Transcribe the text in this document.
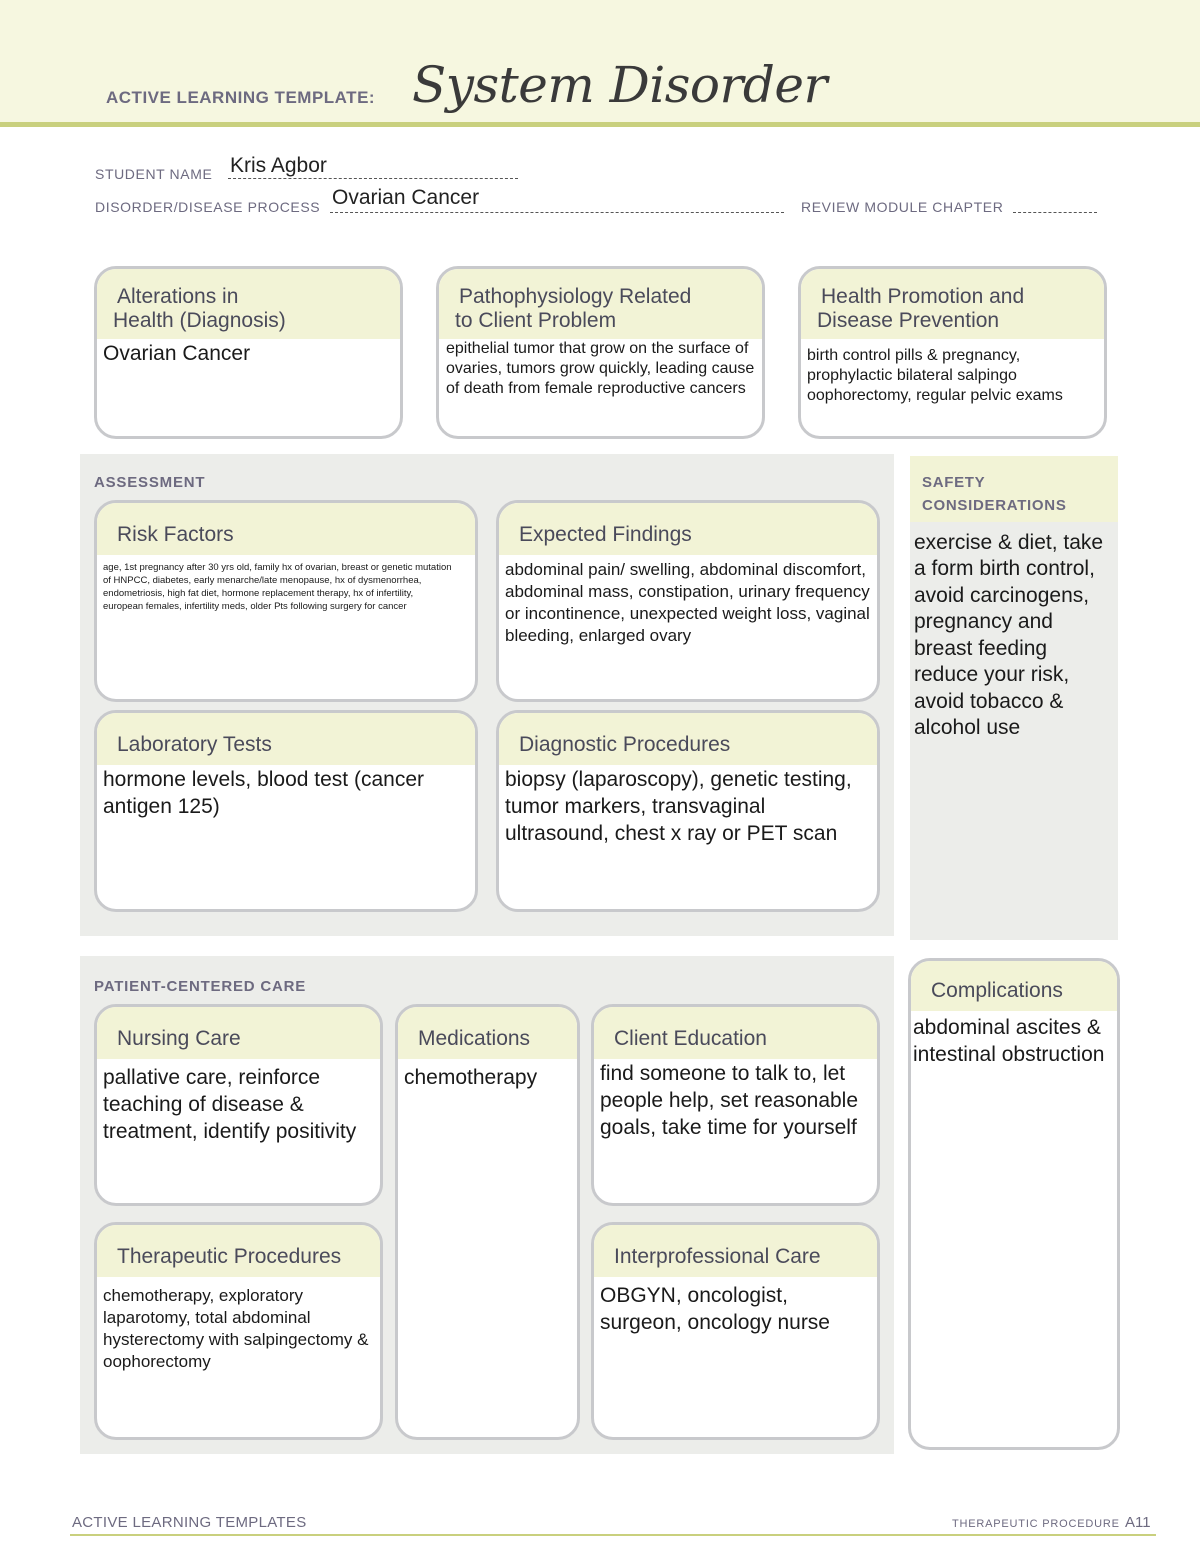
ACTIVE LEARNING TEMPLATE: System Disorder
STUDENT NAME Kris Agbor
DISORDER/DISEASE PROCESS Ovarian Cancer	REVIEW MODULE CHAPTER
Alterations in
Health (Diagnosis)
Ovarian Cancer
Pathophysiology Related
to Client Problem
epithelial tumor that grow on the surface of ovaries, tumors grow quickly, leading cause of death from female reproductive cancers
Health Promotion and
Disease Prevention
birth control pills & pregnancy, prophylactic bilateral salpingo oophorectomy, regular pelvic exams
ASSESSMENT
Risk Factors
age, 1st pregnancy after 30 yrs old, family hx of ovarian, breast or genetic mutation of HNPCC, diabetes, early menarche/late menopause, hx of dysmenorrhea, endometriosis, high fat diet, hormone replacement therapy, hx of infertility, european females, infertility meds, older Pts following surgery for cancer
Expected Findings
abdominal pain/ swelling, abdominal discomfort, abdominal mass, constipation, urinary frequency or incontinence, unexpected weight loss, vaginal bleeding, enlarged ovary
Laboratory Tests
hormone levels, blood test (cancer antigen 125)
Diagnostic Procedures
biopsy (laparoscopy), genetic testing, tumor markers, transvaginal ultrasound, chest x ray or PET scan
SAFETY
CONSIDERATIONS
exercise & diet, take a form birth control, avoid carcinogens, pregnancy and breast feeding reduce your risk, avoid tobacco & alcohol use
PATIENT-CENTERED CARE
Nursing Care
pallative care, reinforce teaching of disease & treatment, identify positivity
Medications
chemotherapy
Client Education
find someone to talk to, let people help, set reasonable goals, take time for yourself
Therapeutic Procedures
chemotherapy, exploratory laparotomy, total abdominal hysterectomy with salpingectomy & oophorectomy
Interprofessional Care
OBGYN, oncologist, surgeon, oncology nurse
Complications
abdominal ascites & intestinal obstruction
ACTIVE LEARNING TEMPLATES	THERAPEUTIC PROCEDURE A11
